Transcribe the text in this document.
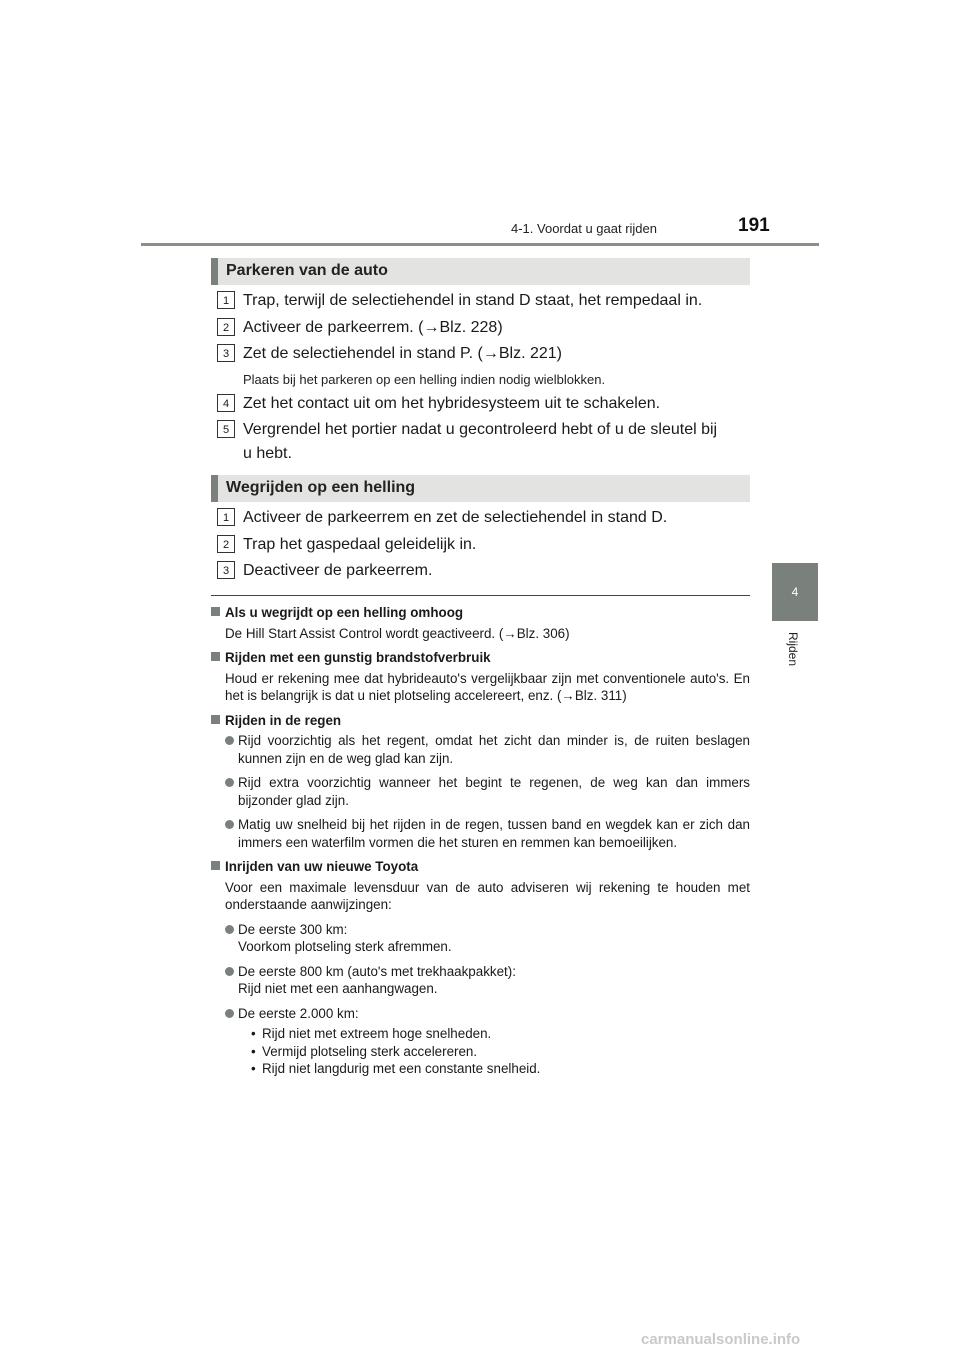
4-1. Voordat u gaat rijden	191
4
Rijden
Parkeren van de auto
1 Trap, terwijl de selectiehendel in stand D staat, het rempedaal in.
2 Activeer de parkeerrem. (→Blz. 228)
3 Zet de selectiehendel in stand P. (→Blz. 221)
Plaats bij het parkeren op een helling indien nodig wielblokken.
4 Zet het contact uit om het hybridesysteem uit te schakelen.
5 Vergrendel het portier nadat u gecontroleerd hebt of u de sleutel bij
u hebt.
Wegrijden op een helling
1 Activeer de parkeerrem en zet de selectiehendel in stand D.
2 Trap het gaspedaal geleidelijk in.
3 Deactiveer de parkeerrem.
Als u wegrijdt op een helling omhoog
De Hill Start Assist Control wordt geactiveerd. (→Blz. 306)
Rijden met een gunstig brandstofverbruik
Houd er rekening mee dat hybrideauto's vergelijkbaar zijn met conventionele auto's. En het is belangrijk is dat u niet plotseling accelereert, enz. (→Blz. 311)
Rijden in de regen
Rijd voorzichtig als het regent, omdat het zicht dan minder is, de ruiten beslagen kunnen zijn en de weg glad kan zijn.
Rijd extra voorzichtig wanneer het begint te regenen, de weg kan dan immers bijzonder glad zijn.
Matig uw snelheid bij het rijden in de regen, tussen band en wegdek kan er zich dan immers een waterfilm vormen die het sturen en remmen kan bemoeilijken.
Inrijden van uw nieuwe Toyota
Voor een maximale levensduur van de auto adviseren wij rekening te houden met onderstaande aanwijzingen:
De eerste 300 km:
Voorkom plotseling sterk afremmen.
De eerste 800 km (auto's met trekhaakpakket):
Rijd niet met een aanhangwagen.
De eerste 2.000 km:
• Rijd niet met extreem hoge snelheden.
• Vermijd plotseling sterk accelereren.
• Rijd niet langdurig met een constante snelheid.
carmanualsonline.info
